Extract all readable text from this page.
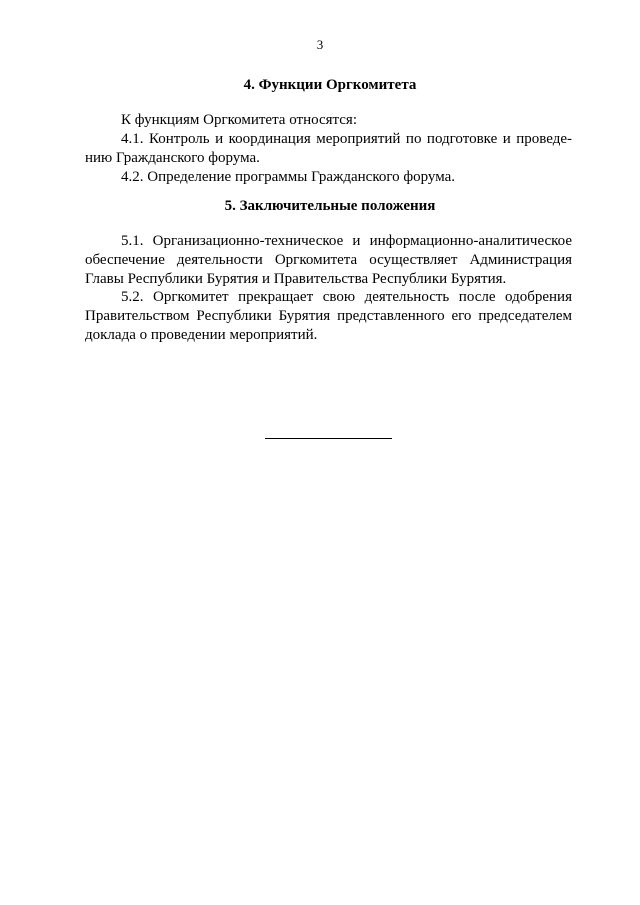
3
4. Функции Оргкомитета
К функциям Оргкомитета относятся:
4.1. Контроль и координация мероприятий по подготовке и проведе- нию Гражданского форума.
4.2. Определение программы Гражданского форума.
5. Заключительные положения
5.1. Организационно-техническое и информационно-аналитическое обеспечение деятельности Оргкомитета осуществляет Администрация Главы Республики Бурятия и Правительства Республики Бурятия.
5.2. Оргкомитет прекращает свою деятельность после одобрения Правительством Республики Бурятия представленного его председателем доклада о проведении мероприятий.
